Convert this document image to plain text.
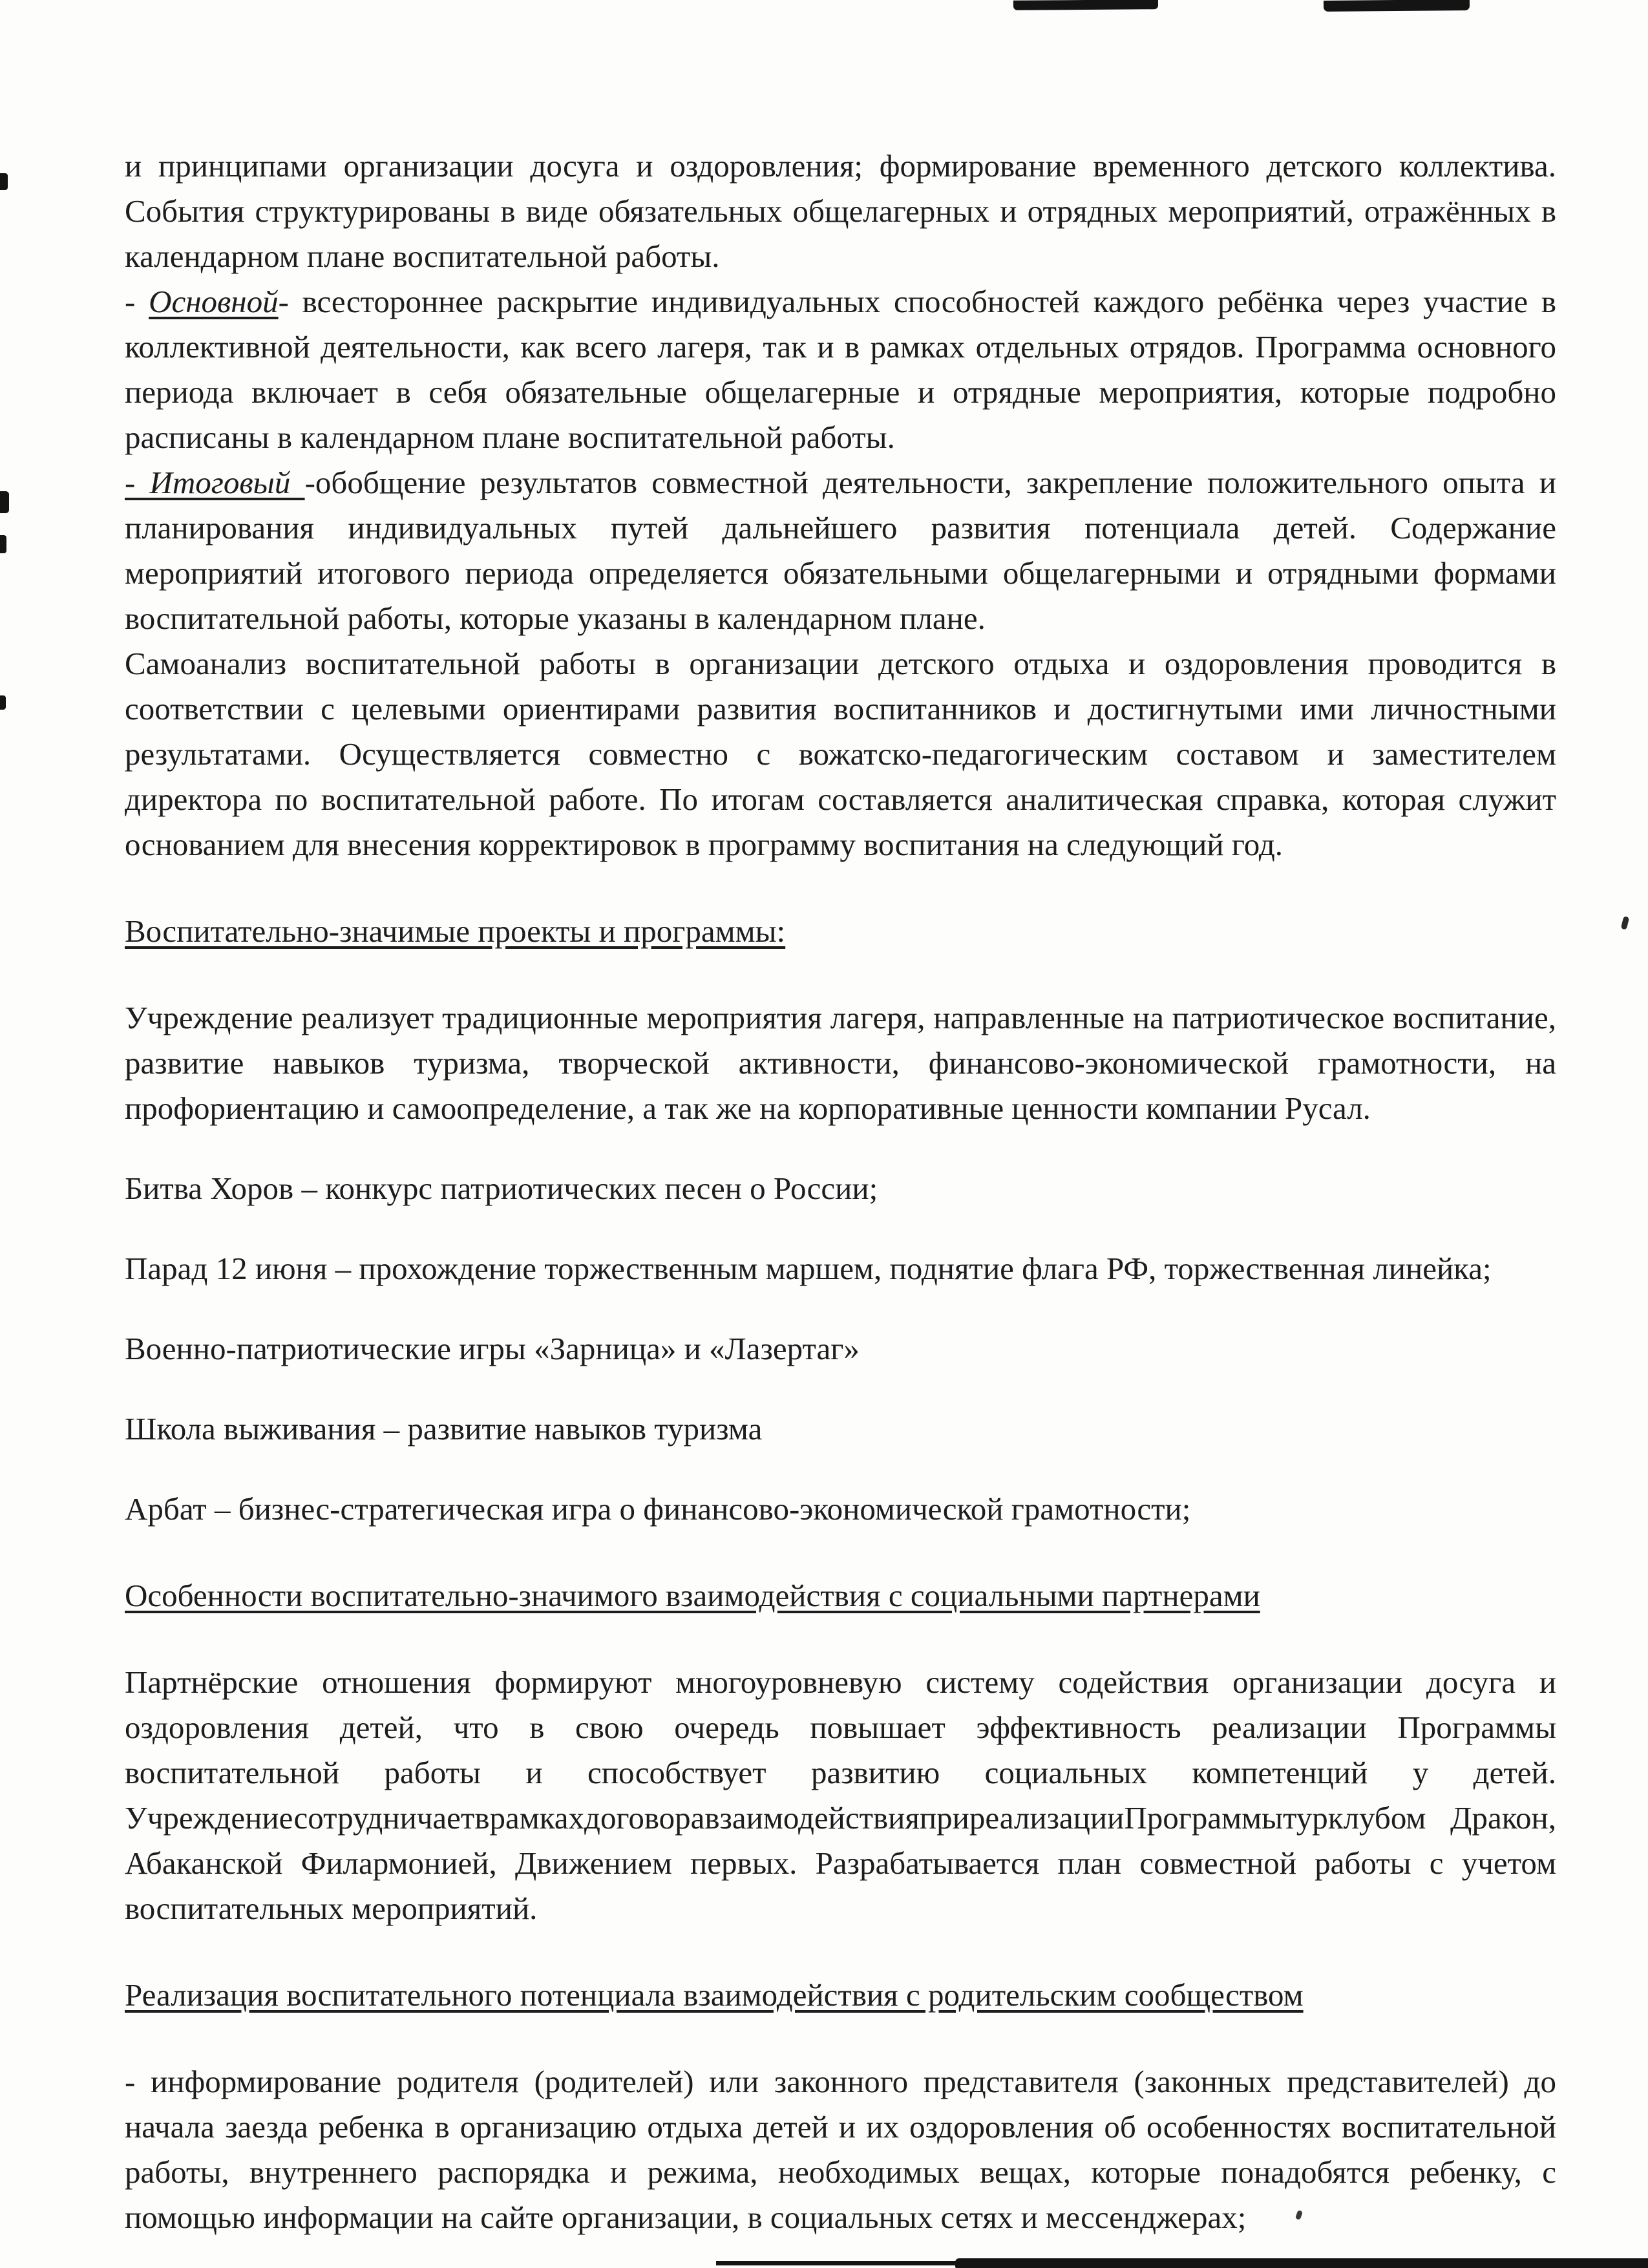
и принципами организации досуга и оздоровления; формирование временного детского коллектива. События структурированы в виде обязательных общелагерных и отрядных мероприятий, отражённых в календарном плане воспитательной работы.

- Основной- всестороннее раскрытие индивидуальных способностей каждого ребёнка через участие в коллективной деятельности, как всего лагеря, так и в рамках отдельных отрядов. Программа основного периода включает в себя обязательные общелагерные и отрядные мероприятия, которые подробно расписаны в календарном плане воспитательной работы.

- Итоговый -обобщение результатов совместной деятельности, закрепление положительного опыта и планирования индивидуальных путей дальнейшего развития потенциала детей. Содержание мероприятий итогового периода определяется обязательными общелагерными и отрядными формами воспитательной работы, которые указаны в календарном плане.

Самоанализ воспитательной работы в организации детского отдыха и оздоровления проводится в соответствии с целевыми ориентирами развития воспитанников и достигнутыми ими личностными результатами. Осуществляется совместно с вожатско-педагогическим составом и заместителем директора по воспитательной работе. По итогам составляется аналитическая справка, которая служит основанием для внесения корректировок в программу воспитания на следующий год.

Воспитательно-значимые проекты и программы:

Учреждение реализует традиционные мероприятия лагеря, направленные на патриотическое воспитание, развитие навыков туризма, творческой активности, финансово-экономической грамотности, на профориентацию и самоопределение, а так же на корпоративные ценности компании Русал.

Битва Хоров – конкурс патриотических песен о России;

Парад 12 июня – прохождение торжественным маршем, поднятие флага РФ, торжественная линейка;

Военно-патриотические игры «Зарница» и «Лазертаг»

Школа выживания – развитие навыков туризма

Арбат – бизнес-стратегическая игра о финансово-экономической грамотности;

Особенности воспитательно-значимого взаимодействия с социальными партнерами

Партнёрские отношения формируют многоуровневую систему содействия организации досуга и оздоровления детей, что в свою очередь повышает эффективность реализации Программы воспитательной работы и способствует развитию социальных компетенций у детей. УчреждениесотрудничаетврамкахдоговоравзаимодействияприреализацииПрограммытурклубом Дракон, Абаканской Филармонией, Движением первых. Разрабатывается план совместной работы с учетом воспитательных мероприятий.

Реализация воспитательного потенциала взаимодействия с родительским сообществом

- информирование родителя (родителей) или законного представителя (законных представителей) до начала заезда ребенка в организацию отдыха детей и их оздоровления об особенностях воспитательной работы, внутреннего распорядка и режима, необходимых вещах, которые понадобятся ребенку, с помощью информации на сайте организации, в социальных сетях и мессенджерах;
